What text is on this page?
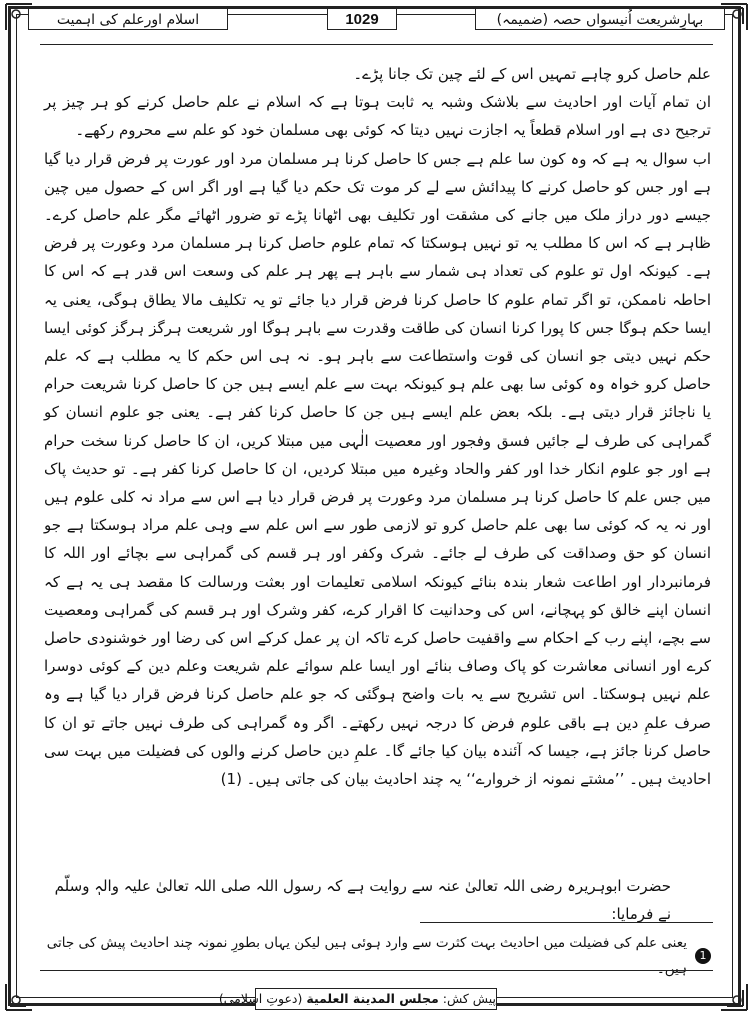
بہارِشریعت اُنیسواں حصہ (ضمیمہ)
1029
اسلام اورعلم کی اہمیت

علم حاصل کرو چاہے تمہیں اس کے لئے چین تک جانا پڑے۔

ان تمام آیات اور احادیث سے بلاشک وشبہ یہ ثابت ہوتا ہے کہ اسلام نے علم حاصل کرنے کو ہر چیز پر ترجیح دی ہے اور اسلام قطعاً یہ اجازت نہیں دیتا کہ کوئی بھی مسلمان خود کو علم سے محروم رکھے۔

اب سوال یہ ہے کہ وہ کون سا علم ہے جس کا حاصل کرنا ہر مسلمان مرد اور عورت پر فرض قرار دیا گیا ہے اور جس کو حاصل کرنے کا پیدائش سے لے کر موت تک حکم دیا گیا ہے اور اگر اس کے حصول میں چین جیسے دور دراز ملک میں جانے کی مشقت اور تکلیف بھی اٹھانا پڑے تو ضرور اٹھائے مگر علم حاصل کرے۔ ظاہر ہے کہ اس کا مطلب یہ تو نہیں ہوسکتا کہ تمام علوم حاصل کرنا ہر مسلمان مرد وعورت پر فرض ہے۔ کیونکہ اول تو علوم کی تعداد ہی شمار سے باہر ہے پھر ہر علم کی وسعت اس قدر ہے کہ اس کا احاطہ ناممکن، تو اگر تمام علوم کا حاصل کرنا فرض قرار دیا جائے تو یہ تکلیف مالا یطاق ہوگی، یعنی یہ ایسا حکم ہوگا جس کا پورا کرنا انسان کی طاقت وقدرت سے باہر ہوگا اور شریعت ہرگز ہرگز کوئی ایسا حکم نہیں دیتی جو انسان کی قوت واستطاعت سے باہر ہو۔ نہ ہی اس حکم کا یہ مطلب ہے کہ علم حاصل کرو خواہ وہ کوئی سا بھی علم ہو کیونکہ بہت سے علم ایسے ہیں جن کا حاصل کرنا شریعت حرام یا ناجائز قرار دیتی ہے۔ بلکہ بعض علم ایسے ہیں جن کا حاصل کرنا کفر ہے۔ یعنی جو علوم انسان کو گمراہی کی طرف لے جائیں فسق وفجور اور معصیت الٰہی میں مبتلا کریں، ان کا حاصل کرنا سخت حرام ہے اور جو علوم انکار خدا اور کفر والحاد وغیرہ میں مبتلا کردیں، ان کا حاصل کرنا کفر ہے۔ تو حدیث پاک میں جس علم کا حاصل کرنا ہر مسلمان مرد وعورت پر فرض قرار دیا ہے اس سے مراد نہ کلی علوم ہیں اور نہ یہ کہ کوئی سا بھی علم حاصل کرو تو لازمی طور سے اس علم سے وہی علم مراد ہوسکتا ہے جو انسان کو حق وصداقت کی طرف لے جائے۔ شرک وکفر اور ہر قسم کی گمراہی سے بچائے اور اللہ کا فرمانبردار اور اطاعت شعار بندہ بنائے کیونکہ اسلامی تعلیمات اور بعثت ورسالت کا مقصد ہی یہ ہے کہ انسان اپنے خالق کو پہچانے، اس کی وحدانیت کا اقرار کرے، کفر وشرک اور ہر قسم کی گمراہی ومعصیت سے بچے، اپنے رب کے احکام سے واقفیت حاصل کرے تاکہ ان پر عمل کرکے اس کی رضا اور خوشنودی حاصل کرے اور انسانی معاشرت کو پاک وصاف بنائے اور ایسا علم سوائے علم شریعت وعلم دین کے کوئی دوسرا علم نہیں ہوسکتا۔ اس تشریح سے یہ بات واضح ہوگئی کہ جو علم حاصل کرنا فرض قرار دیا گیا ہے وہ صرف علمِ دین ہے باقی علوم فرض کا درجہ نہیں رکھتے۔ اگر وہ گمراہی کی طرف نہیں جاتے تو ان کا حاصل کرنا جائز ہے، جیسا کہ آئندہ بیان کیا جائے گا۔ علمِ دین حاصل کرنے والوں کی فضیلت میں بہت سی احادیث ہیں۔ ’’مشتے نمونہ از خروارے‘‘ یہ چند احادیث بیان کی جاتی ہیں۔ (1)

حضرت ابوہریرہ رضی اللہ تعالیٰ عنہ سے روایت ہے کہ رسول اللہ صلی اللہ تعالیٰ علیہ والہٖ وسلّم نے فرمایا:
1
یعنی علم کی فضیلت میں احادیث بہت کثرت سے وارد ہوئی ہیں لیکن یہاں بطورِ نمونہ چند احادیث پیش کی جاتی ہیں۔
پیش کش: مجلس المدينة العلمية (دعوتِ اسلامی)
